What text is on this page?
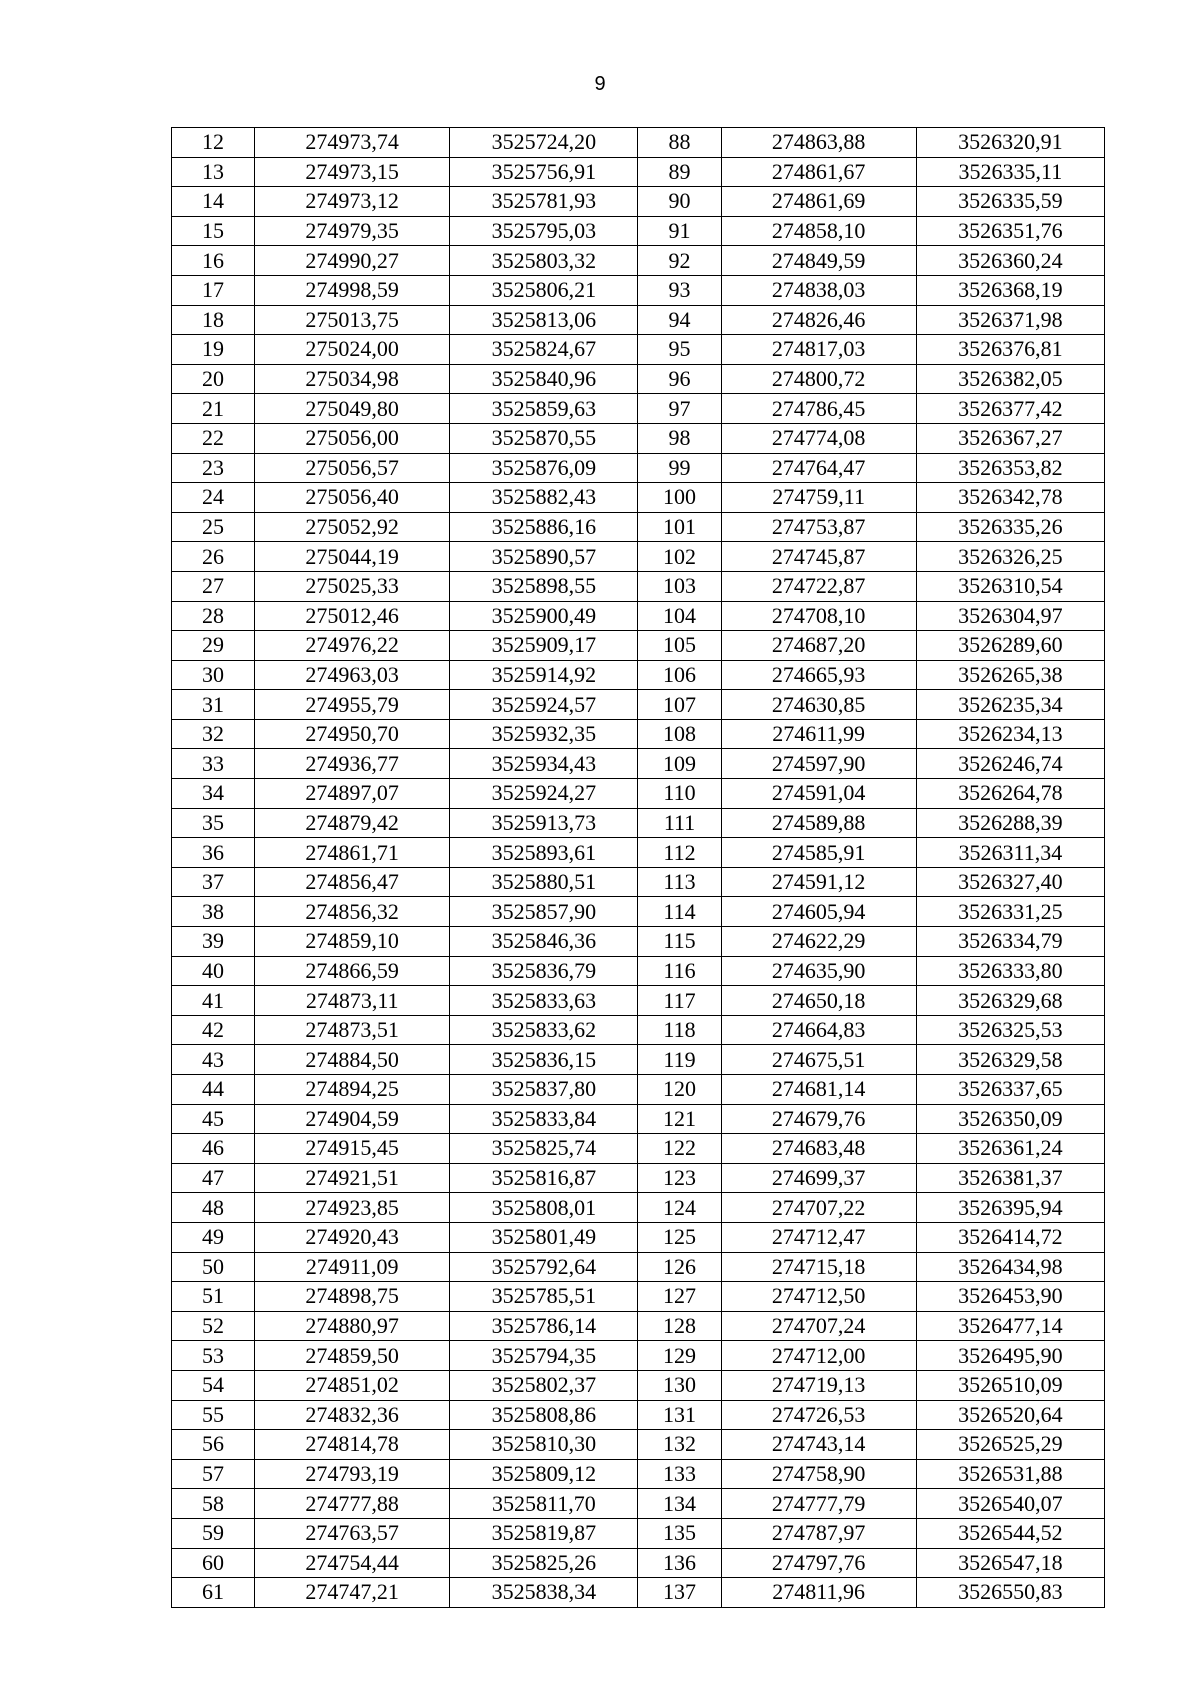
9
12	274973,74	3525724,20	88	274863,88	3526320,91
13	274973,15	3525756,91	89	274861,67	3526335,11
14	274973,12	3525781,93	90	274861,69	3526335,59
15	274979,35	3525795,03	91	274858,10	3526351,76
16	274990,27	3525803,32	92	274849,59	3526360,24
17	274998,59	3525806,21	93	274838,03	3526368,19
18	275013,75	3525813,06	94	274826,46	3526371,98
19	275024,00	3525824,67	95	274817,03	3526376,81
20	275034,98	3525840,96	96	274800,72	3526382,05
21	275049,80	3525859,63	97	274786,45	3526377,42
22	275056,00	3525870,55	98	274774,08	3526367,27
23	275056,57	3525876,09	99	274764,47	3526353,82
24	275056,40	3525882,43	100	274759,11	3526342,78
25	275052,92	3525886,16	101	274753,87	3526335,26
26	275044,19	3525890,57	102	274745,87	3526326,25
27	275025,33	3525898,55	103	274722,87	3526310,54
28	275012,46	3525900,49	104	274708,10	3526304,97
29	274976,22	3525909,17	105	274687,20	3526289,60
30	274963,03	3525914,92	106	274665,93	3526265,38
31	274955,79	3525924,57	107	274630,85	3526235,34
32	274950,70	3525932,35	108	274611,99	3526234,13
33	274936,77	3525934,43	109	274597,90	3526246,74
34	274897,07	3525924,27	110	274591,04	3526264,78
35	274879,42	3525913,73	111	274589,88	3526288,39
36	274861,71	3525893,61	112	274585,91	3526311,34
37	274856,47	3525880,51	113	274591,12	3526327,40
38	274856,32	3525857,90	114	274605,94	3526331,25
39	274859,10	3525846,36	115	274622,29	3526334,79
40	274866,59	3525836,79	116	274635,90	3526333,80
41	274873,11	3525833,63	117	274650,18	3526329,68
42	274873,51	3525833,62	118	274664,83	3526325,53
43	274884,50	3525836,15	119	274675,51	3526329,58
44	274894,25	3525837,80	120	274681,14	3526337,65
45	274904,59	3525833,84	121	274679,76	3526350,09
46	274915,45	3525825,74	122	274683,48	3526361,24
47	274921,51	3525816,87	123	274699,37	3526381,37
48	274923,85	3525808,01	124	274707,22	3526395,94
49	274920,43	3525801,49	125	274712,47	3526414,72
50	274911,09	3525792,64	126	274715,18	3526434,98
51	274898,75	3525785,51	127	274712,50	3526453,90
52	274880,97	3525786,14	128	274707,24	3526477,14
53	274859,50	3525794,35	129	274712,00	3526495,90
54	274851,02	3525802,37	130	274719,13	3526510,09
55	274832,36	3525808,86	131	274726,53	3526520,64
56	274814,78	3525810,30	132	274743,14	3526525,29
57	274793,19	3525809,12	133	274758,90	3526531,88
58	274777,88	3525811,70	134	274777,79	3526540,07
59	274763,57	3525819,87	135	274787,97	3526544,52
60	274754,44	3525825,26	136	274797,76	3526547,18
61	274747,21	3525838,34	137	274811,96	3526550,83
